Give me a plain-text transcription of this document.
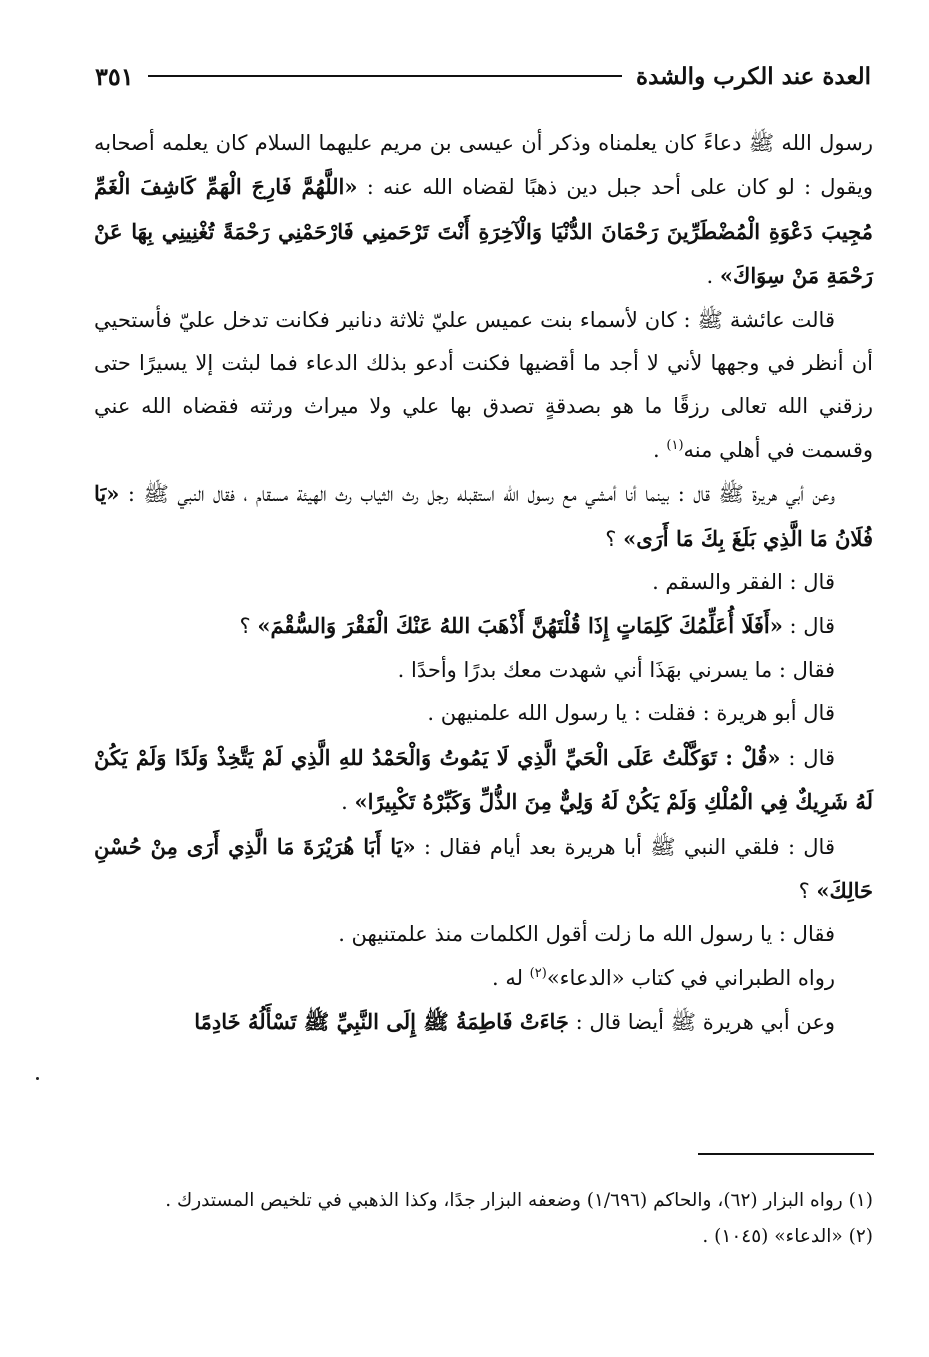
العدة عند الكرب والشدة
٣٥١

رسول الله ﷺ دعاءً كان يعلمناه وذكر أن عيسى بن مريم عليهما السلام كان يعلمه أصحابه ويقول : لو كان على أحد جبل دين ذهبًا لقضاه الله عنه : «اللَّهُمَّ فَارِجَ الْهَمِّ كَاشِفَ الْغَمِّ مُجِيبَ دَعْوَةِ الْمُضْطَرِّينَ رَحْمَانَ الدُّنْيَا وَالْآخِرَةِ أَنْتَ تَرْحَمنِي فَارْحَمْنِي رَحْمَةً تُغْنِينِي بِهَا عَنْ رَحْمَةِ مَنْ سِوَاكَ» .

قالت عائشة ﷺ : كان لأسماء بنت عميس عليّ ثلاثة دنانير فكانت تدخل عليّ فأستحيي أن أنظر في وجهها لأني لا أجد ما أقضيها فكنت أدعو بذلك الدعاء فما لبثت إلا يسيرًا حتى رزقني الله تعالى رزقًا ما هو بصدقةٍ تصدق بها علي ولا ميراث ورثته فقضاه الله عني وقسمت في أهلي منه$^{(١)}$ .

وعن أبي هريرة ﷺ قال : بينما أنا أمشي مع رسول الله استقبله رجل رث الثياب رث الهيئة مسقام ، فقال النبي ﷺ : «يَا فُلَانُ مَا الَّذِي بَلَغَ بِكَ مَا أَرَى» ؟

قال : الفقر والسقم .

قال : «أَفَلَا أُعَلِّمُكَ كَلِمَاتٍ إِذَا قُلْتَهُنَّ أَذْهَبَ اللهُ عَنْكَ الْفَقْرَ وَالسُّقْمَ» ؟

فقال : ما يسرني بهَذَا أني شهدت معك بدرًا وأحدًا .

قال أبو هريرة : فقلت : يا رسول الله علمنيهن .

قال : «قُلْ : تَوَكَّلْتُ عَلَى الْحَيِّ الَّذِي لَا يَمُوتُ وَالْحَمْدُ للهِ الَّذِي لَمْ يَتَّخِذْ وَلَدًا وَلَمْ يَكُنْ لَهُ شَرِيكٌ فِي الْمُلْكِ وَلَمْ يَكُنْ لَهُ وَلِيٌّ مِنَ الذُّلِّ وَكَبِّرْهُ تَكْبِيرًا» .

قال : فلقي النبي ﷺ أبا هريرة بعد أيام فقال : «يَا أَبَا هُرَيْرَةَ مَا الَّذِي أَرَى مِنْ حُسْنِ حَالِكَ» ؟

فقال : يا رسول الله ما زلت أقول الكلمات منذ علمتنيهن .

رواه الطبراني في كتاب «الدعاء»$^{(٢)}$ له .

وعن أبي هريرة ﷺ أيضا قال : جَاءَتْ فَاطِمَةُ ﷺ إِلَى النَّبِيِّ ﷺ تَسْأَلُهُ خَادِمًا

(١) رواه البزار (٦٢)، والحاكم (١/٦٩٦) وضعفه البزار جدًا، وكذا الذهبي في تلخيص المستدرك .

(٢) «الدعاء» (١٠٤٥) .
